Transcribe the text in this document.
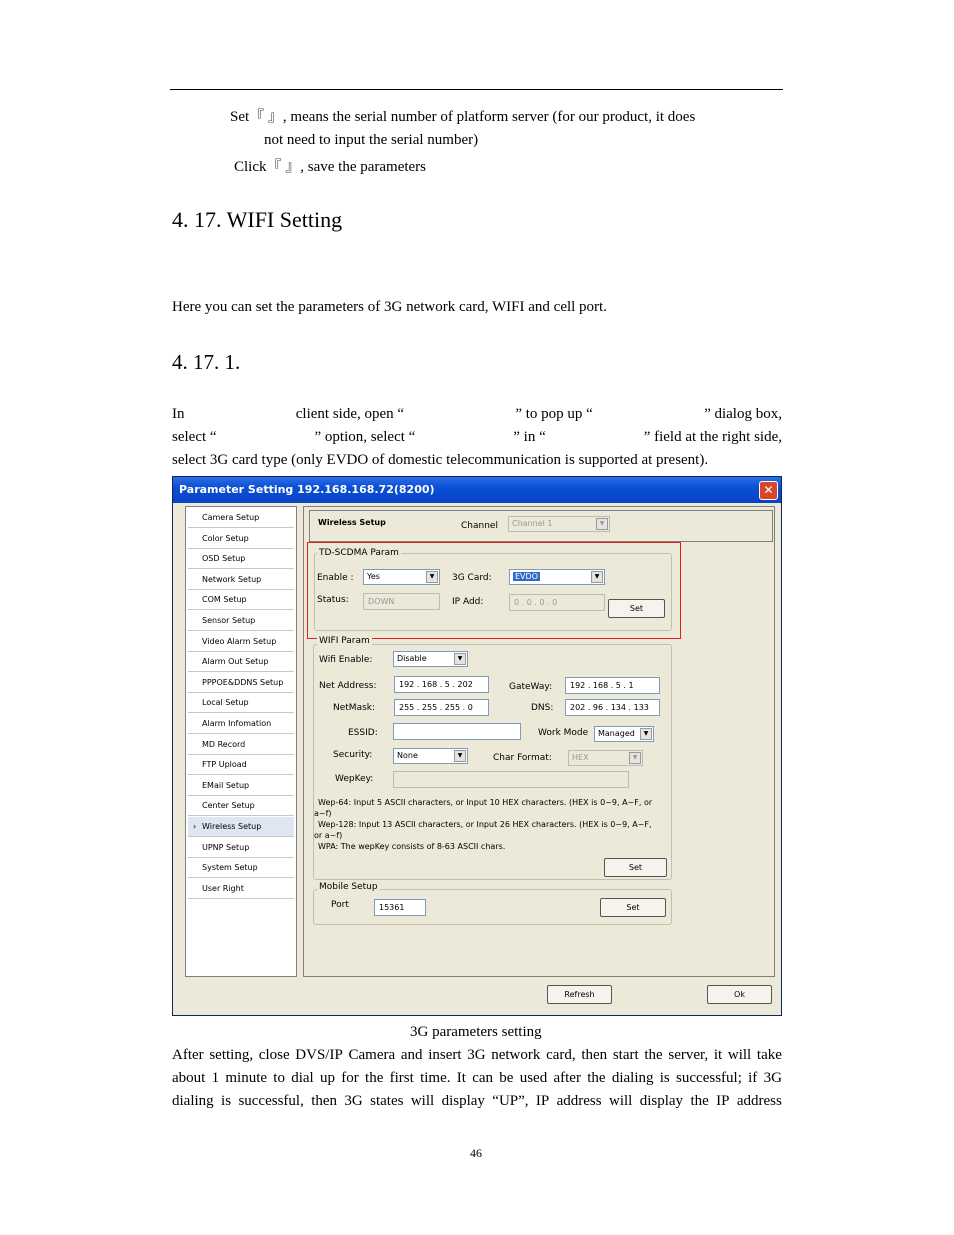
Set『 』, means the serial number of platform server (for our product, it does
not need to input the serial number)
Click『 』, save the parameters
4. 17. WIFI Setting
Here you can set the parameters of 3G network card, WIFI and cell port.
4. 17. 1.
In	client side, open “	” to pop up “	” dialog box,
select “	” option, select “	” in “	” field at the right side,
select 3G card type (only EVDO of domestic telecommunication is supported at present).
Parameter Setting 192.168.168.72(8200)	✕
Wireless Setup	Channel	Channel 1	▼
TD-SCDMA Param
Enable :	Yes	▼	3G Card:	EVDO	▼
Status:	DOWN	IP Add:	0 . 0 . 0 . 0
Set
WIFI Param
Wifi Enable:	Disable	▼
Net Address:	192 . 168 . 5 . 202	GateWay:	192 . 168 . 5 . 1
NetMask:	255 . 255 . 255 . 0	DNS:	202 . 96 . 134 . 133
ESSID:	Work Mode	Managed	▼
Security:	None	▼	Char Format:	HEX	▼
WepKey:
Wep-64: Input 5 ASCII characters, or Input 10 HEX characters. (HEX is 0~9, A~F, or
a~f)
Wep-128: Input 13 ASCII characters, or Input 26 HEX characters. (HEX is 0~9, A~F,
or a~f)
WPA: The wepKey consists of 8-63 ASCII chars.
Set
Mobile Setup
Port	15361	Set
Refresh	Ok
Camera Setup
Color Setup
OSD Setup
Network Setup
COM Setup
Sensor Setup
Video Alarm Setup
Alarm Out Setup
PPPOE&DDNS Setup
Local Setup
Alarm Infomation
MD Record
FTP Upload
EMail Setup
Center Setup
› Wireless Setup
UPNP Setup
System Setup
User Right
3G parameters setting
After setting, close DVS/IP Camera and insert 3G network card, then start the server, it will take
about 1 minute to dial up for the first time. It can be used after the dialing is successful; if 3G
dialing is successful, then 3G states will display “UP”, IP address will display the IP address
46
